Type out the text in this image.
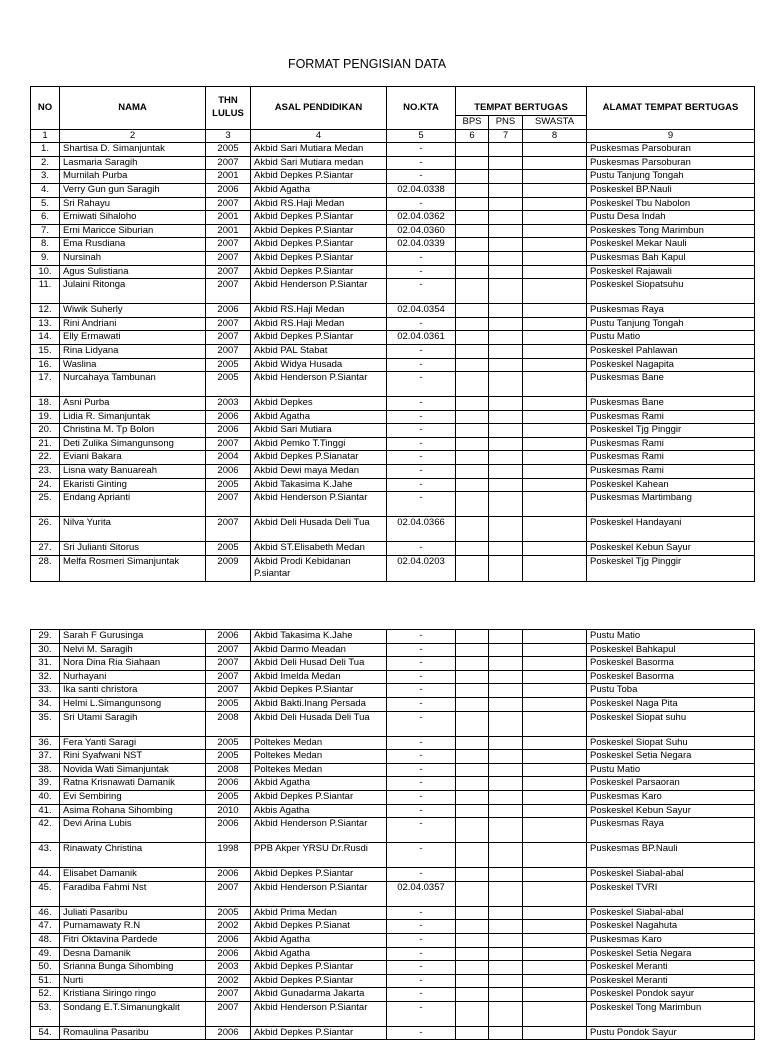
FORMAT PENGISIAN DATA
NO	NAMA	THN LULUS	ASAL PENDIDIKAN	NO.KTA	TEMPAT BERTUGAS			ALAMAT TEMPAT BERTUGAS
					BPS	PNS	SWASTA	
1	2	3	4	5	6	7	8	9
1.	Shartisa D. Simanjuntak	2005	Akbid Sari Mutiara Medan	-				Puskesmas Parsoburan
2.	Lasmaria Saragih	2007	Akbid Sari Mutiara medan	-				Puskesmas Parsoburan
3.	Murnilah Purba	2001	Akbid Depkes P.Siantar	-				Pustu Tanjung Tongah
4.	Verry Gun gun Saragih	2006	Akbid Agatha	02.04.0338				Poskeskel BP.Nauli
5.	Sri Rahayu	2007	Akbid RS.Haji Medan	-				Poskeskel Tbu Nabolon
6.	Erniwati Sihaloho	2001	Akbid Depkes P.Siantar	02.04.0362				Pustu Desa Indah
7.	Erni Maricce Siburian	2001	Akbid Depkes P.Siantar	02.04.0360				Poskeskes Tong Marimbun
8.	Ema Rusdiana	2007	Akbid Depkes P.Siantar	02.04.0339				Poskeskel Mekar Nauli
9.	Nursinah	2007	Akbid Depkes P.Siantar	-				Puskesmas Bah Kapul
10.	Agus Sulistiana	2007	Akbid Depkes P.Siantar	-				Poskeskel Rajawali
11.	Julaini Ritonga	2007	Akbid Henderson P.Siantar	-				Poskeskel Siopatsuhu
12.	Wiwik Suherly	2006	Akbid RS.Haji Medan	02.04.0354				Puskesmas Raya
13.	Rini Andriani	2007	Akbid RS.Haji Medan	-				Pustu Tanjung Tongah
14.	Elly Ermawati	2007	Akbid Depkes P.Siantar	02.04.0361				Pustu Matio
15.	Rina Lidyana	2007	Akbid PAL Stabat	-				Poskeskel Pahlawan
16.	Waslina	2005	Akbid Widya Husada	-				Poskeskel Nagapita
17.	Nurcahaya Tambunan	2005	Akbid Henderson P.Siantar	-				Puskesmas Bane
18.	Asni Purba	2003	Akbid Depkes	-				Puskesmas Bane
19.	Lidia R. Simanjuntak	2006	Akbid Agatha	-				Puskesmas Rami
20.	Christina M. Tp Bolon	2006	Akbid Sari Mutiara	-				Poskeskel Tjg Pinggir
21.	Deti Zulika Simangunsong	2007	Akbid Pemko T.Tinggi	-				Puskesmas Rami
22.	Eviani Bakara	2004	Akbid Depkes P.Sianatar	-				Puskesmas Rami
23.	Lisna waty Banuareah	2006	Akbid Dewi maya Medan	-				Puskesmas Rami
24.	Ekaristi Ginting	2005	Akbid Takasima K.Jahe	-				Poskeskel Kahean
25.	Endang Aprianti	2007	Akbid Henderson P.Siantar	-				Puskesmas Martimbang
26.	Nilva Yurita	2007	Akbid Deli Husada Deli Tua	02.04.0366				Poskeskel Handayani
27.	Sri Julianti Sitorus	2005	Akbid ST.Elisabeth Medan	-				Poskeskel Kebun Sayur
28.	Melfa Rosmeri Simanjuntak	2009	Akbid Prodi Kebidanan P.siantar	02.04.0203				Poskeskel Tjg Pinggir
29.	Sarah F Gurusinga	2006	Akbid Takasima K.Jahe	-				Pustu Matio
30.	Nelvi M. Saragih	2007	Akbid Darmo Meadan	-				Poskeskel Bahkapul
31.	Nora Dina Ria Siahaan	2007	Akbid Deli Husad Deli Tua	-				Poskeskel Basorma
32.	Nurhayani	2007	Akbid Imelda Medan	-				Poskeskel Basorma
33.	Ika santi christora	2007	Akbid Depkes P.Siantar	-				Pustu Toba
34.	Helmi L.Simangunsong	2005	Akbid Bakti.Inang Persada	-				Poskeskel Naga Pita
35.	Sri Utami Saragih	2008	Akbid Deli Husada Deli Tua	-				Poskeskel Siopat suhu
36.	Fera Yanti Saragi	2005	Poltekes Medan	-				Poskeskel Siopat Suhu
37.	Rini Syafwani NST	2005	Poltekes Medan	-				Poskeskel Setia Negara
38.	Novida Wati Simanjuntak	2008	Poltekes Medan	-				Pustu Matio
39.	Ratna Krisnawati Damanik	2006	Akbid Agatha	-				Poskeskel Parsaoran
40.	Evi Sembiring	2005	Akbid Depkes P.Siantar	-				Puskesmas Karo
41.	Asima Rohana Sihombing	2010	Akbis Agatha	-				Poskeskel Kebun Sayur
42.	Devi Arina Lubis	2006	Akbid Henderson P.Siantar	-				Puskesmas Raya
43.	Rinawaty Christina	1998	PPB Akper YRSU Dr.Rusdi	-				Puskesmas BP.Nauli
44.	Elisabet Damanik	2006	Akbid Depkes P.Siantar	-				Poskeskel Siabal-abal
45.	Faradiba Fahmi Nst	2007	Akbid Henderson P.Siantar	02.04.0357				Poskeskel TVRI
46.	Juliati Pasaribu	2005	Akbid Prima Medan	-				Poskeskel Siabal-abal
47.	Purnamawaty R.N	2002	Akbid Depkes P.Sianat	-				Poskeskel Nagahuta
48.	Fitri Oktavina Pardede	2006	Akbid Agatha	-				Puskesmas Karo
49.	Desna Damanik	2006	Akbid Agatha	-				Poskeskel Setia Negara
50.	Srianna Bunga Sihombing	2003	Akbid Depkes P.Siantar	-				Poskeskel Meranti
51.	Nurti	2002	Akbid Depkes P.Siantar	-				Poskeskel Meranti
52.	Kristiana Siringo ringo	2007	Akbid Gunadarma Jakarta	-				Poskeskel Pondok sayur
53.	Sondang E.T.Simanungkalit	2007	Akbid Henderson P.Siantar	-				Poskeskel Tong Marimbun
54.	Romaulina Pasaribu	2006	Akbid Depkes P.Siantar	-				Pustu Pondok Sayur
